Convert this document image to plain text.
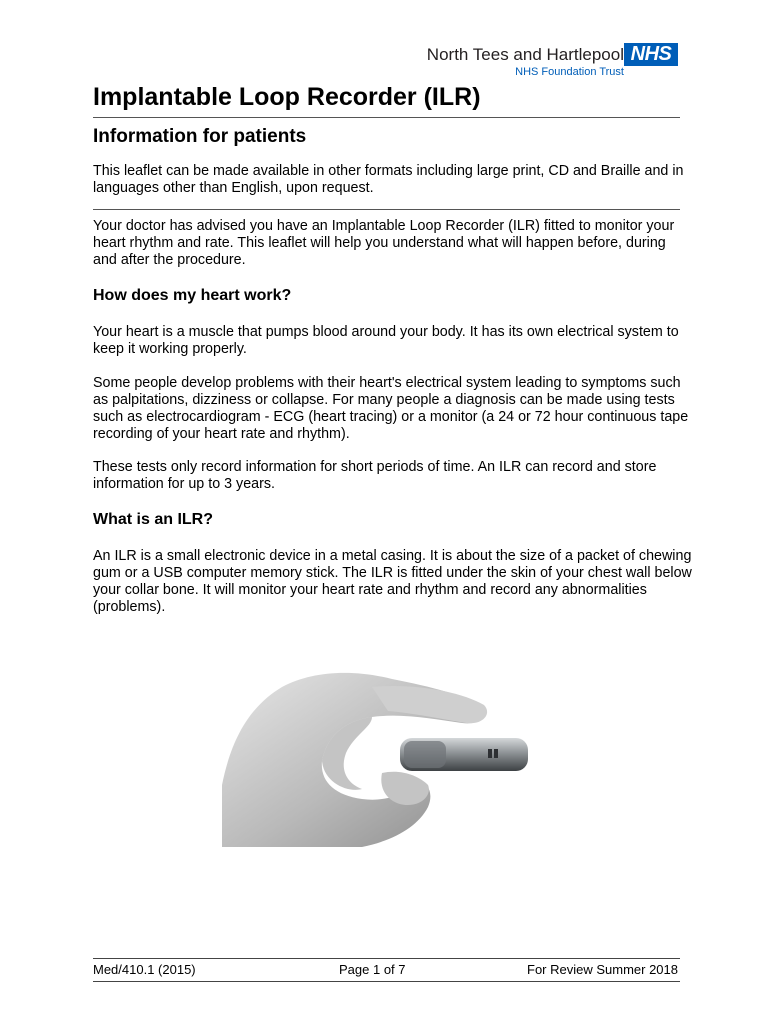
North Tees and Hartlepool
NHS Foundation Trust
NHS
Implantable Loop Recorder (ILR)
Information for patients

This leaflet can be made available in other formats including large print, CD and Braille and in languages other than English, upon request.

Your doctor has advised you have an Implantable Loop Recorder (ILR) fitted to monitor your heart rhythm and rate. This leaflet will help you understand what will happen before, during and after the procedure.

How does my heart work?

Your heart is a muscle that pumps blood around your body. It has its own electrical system to keep it working properly.

Some people develop problems with their heart's electrical system leading to symptoms such as palpitations, dizziness or collapse. For many people a diagnosis can be made using tests such as electrocardiogram - ECG (heart tracing) or a monitor (a 24 or 72 hour continuous tape recording of your heart rate and rhythm).

These tests only record information for short periods of time. An ILR can record and store information for up to 3 years.

What is an ILR?

An ILR is a small electronic device in a metal casing. It is about the size of a packet of chewing gum or a USB computer memory stick. The ILR is fitted under the skin of your chest wall below your collar bone. It will monitor your heart rate and rhythm and record any abnormalities (problems).

Med/410.1 (2015)	Page 1 of 7	For Review Summer 2018
